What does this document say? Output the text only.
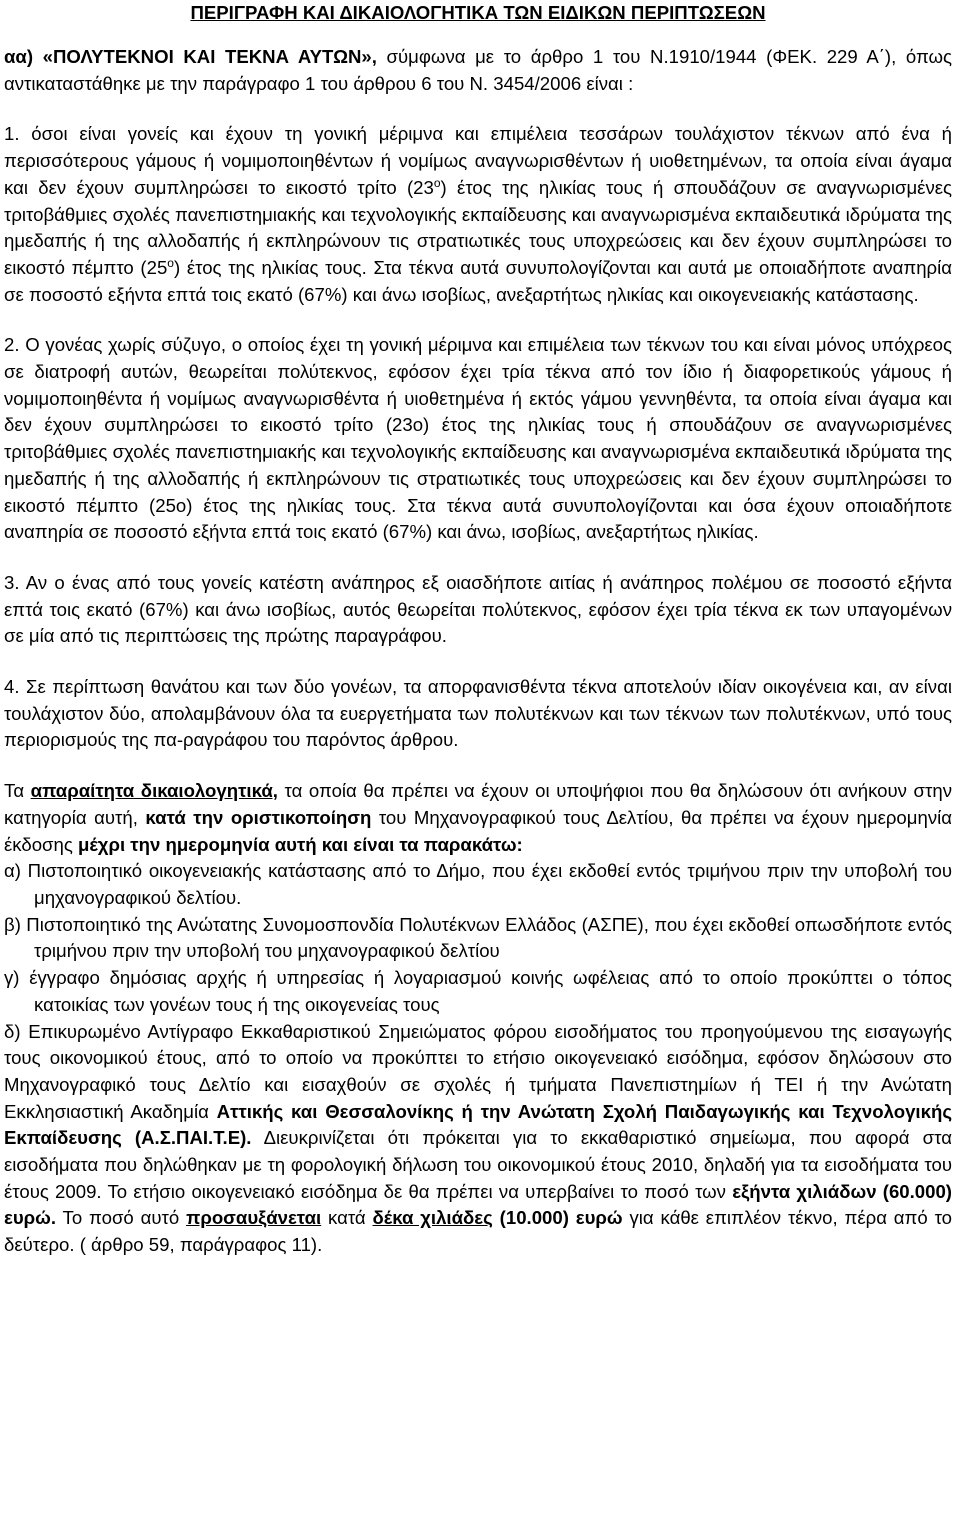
ΠΕΡΙΓΡΑΦΗ ΚΑΙ ΔΙΚΑΙΟΛΟΓΗΤΙΚΑ ΤΩΝ ΕΙΔΙΚΩΝ ΠΕΡΙΠΤΩΣΕΩΝ

αα) «ΠΟΛΥΤΕΚΝΟΙ ΚΑΙ ΤΕΚΝΑ ΑΥΤΩΝ», σύμφωνα με το άρθρο 1 του Ν.1910/1944 (ΦΕΚ. 229 Α΄), όπως αντικαταστάθηκε με την παράγραφο 1 του άρθρου 6 του Ν. 3454/2006 είναι :

1. όσοι είναι γονείς και έχουν τη γονική μέριμνα και επιμέλεια τεσσάρων τουλάχιστον τέκνων από ένα ή περισσότερους γάμους ή νομιμοποιηθέντων ή νομίμως αναγνωρισθέντων ή υιοθετημένων, τα οποία είναι άγαμα και δεν έχουν συμπληρώσει το εικοστό τρίτο $(23^o)$ έτος της ηλικίας τους ή σπουδάζουν σε αναγνωρισμένες τριτοβάθμιες σχολές πανεπιστημιακής και τεχνολογικής εκπαίδευσης και αναγνωρισμένα εκπαιδευτικά ιδρύματα της ημεδαπής ή της αλλοδαπής ή εκπληρώνουν τις στρατιωτικές τους υποχρεώσεις και δεν έχουν συμπληρώσει το εικοστό πέμπτο $(25^o)$ έτος της ηλικίας τους. Στα τέκνα αυτά συνυπολογίζονται και αυτά με οποιαδήποτε αναπηρία σε ποσοστό εξήντα επτά τοις εκατό (67%) και άνω ισοβίως, ανεξαρτήτως ηλικίας και οικογενειακής κατάστασης.

2. Ο γονέας χωρίς σύζυγο, ο οποίος έχει τη γονική μέριμνα και επιμέλεια των τέκνων του και είναι μόνος υπόχρεος σε διατροφή αυτών, θεωρείται πολύτεκνος, εφόσον έχει τρία τέκνα από τον ίδιο ή διαφορετικούς γάμους ή νομιμοποιηθέντα ή νομίμως αναγνωρισθέντα ή υιοθετημένα ή εκτός γάμου γεννηθέντα, τα οποία είναι άγαμα και δεν έχουν συμπληρώσει το εικοστό τρίτο (23ο) έτος της ηλικίας τους ή σπουδάζουν σε αναγνωρισμένες τριτοβάθμιες σχολές πανεπιστημιακής και τεχνολογικής εκπαίδευσης και αναγνωρισμένα εκπαιδευτικά ιδρύματα της ημεδαπής ή της αλλοδαπής ή εκπληρώνουν τις στρατιωτικές τους υποχρεώσεις και δεν έχουν συμπληρώσει το εικοστό πέμπτο (25ο) έτος της ηλικίας τους. Στα τέκνα αυτά συνυπολογίζονται και όσα έχουν οποιαδήποτε αναπηρία σε ποσοστό εξήντα επτά τοις εκατό (67%) και άνω, ισοβίως, ανεξαρτήτως ηλικίας.

3. Αν ο ένας από τους γονείς κατέστη ανάπηρος εξ οιασδήποτε αιτίας ή ανάπηρος πολέμου σε ποσοστό εξήντα επτά τοις εκατό (67%) και άνω ισοβίως, αυτός θεωρείται πολύτεκνος, εφόσον έχει τρία τέκνα εκ των υπαγομένων σε μία από τις περιπτώσεις της πρώτης παραγράφου.

4. Σε περίπτωση θανάτου και των δύο γονέων, τα απορφανισθέντα τέκνα αποτελούν ιδίαν οικογένεια και, αν είναι τουλάχιστον δύο, απολαμβάνουν όλα τα ευεργετήματα των πολυτέκνων και των τέκνων των πολυτέκνων, υπό τους περιορισμούς της πα-ραγράφου του παρόντος άρθρου.

Τα απαραίτητα δικαιολογητικά, τα οποία θα πρέπει να έχουν οι υποψήφιοι που θα δηλώσουν ότι ανήκουν στην κατηγορία αυτή, κατά την οριστικοποίηση του Μηχανογραφικού τους Δελτίου, θα πρέπει να έχουν ημερομηνία έκδοσης μέχρι την ημερομηνία αυτή και είναι τα παρακάτω:

α) Πιστοποιητικό οικογενειακής κατάστασης από το Δήμο, που έχει εκδοθεί εντός τριμήνου πριν την υποβολή του μηχανογραφικού δελτίου.

β) Πιστοποιητικό της Ανώτατης Συνομοσπονδία Πολυτέκνων Ελλάδος (ΑΣΠΕ), που έχει εκδοθεί οπωσδήποτε εντός τριμήνου πριν την υποβολή του μηχανογραφικού δελτίου

γ) έγγραφο δημόσιας αρχής ή υπηρεσίας ή λογαριασμού κοινής ωφέλειας από το οποίο προκύπτει ο τόπος κατοικίας των γονέων τους ή της οικογενείας τους

δ) Επικυρωμένο Αντίγραφο Εκκαθαριστικού Σημειώματος φόρου εισοδήματος του προηγούμενου της εισαγωγής τους οικονομικού έτους, από το οποίο να προκύπτει το ετήσιο οικογενειακό εισόδημα, εφόσον δηλώσουν στο Μηχανογραφικό τους Δελτίο και εισαχθούν σε σχολές ή τμήματα Πανεπιστημίων ή ΤΕΙ ή την Ανώτατη Εκκλησιαστική Ακαδημία Αττικής και Θεσσαλονίκης ή την Ανώτατη Σχολή Παιδαγωγικής και Τεχνολογικής Εκπαίδευσης (Α.Σ.ΠΑΙ.Τ.Ε). Διευκρινίζεται ότι πρόκειται για το εκκαθαριστικό σημείωμα, που αφορά στα εισοδήματα που δηλώθηκαν με τη φορολογική δήλωση του οικονομικού έτους 2010, δηλαδή για τα εισοδήματα του έτους 2009. Το ετήσιο οικογενειακό εισόδημα δε θα πρέπει να υπερβαίνει το ποσό των εξήντα χιλιάδων (60.000) ευρώ. Το ποσό αυτό προσαυξάνεται κατά δέκα χιλιάδες (10.000) ευρώ για κάθε επιπλέον τέκνο, πέρα από το δεύτερο. ( άρθρο 59, παράγραφος 11).
